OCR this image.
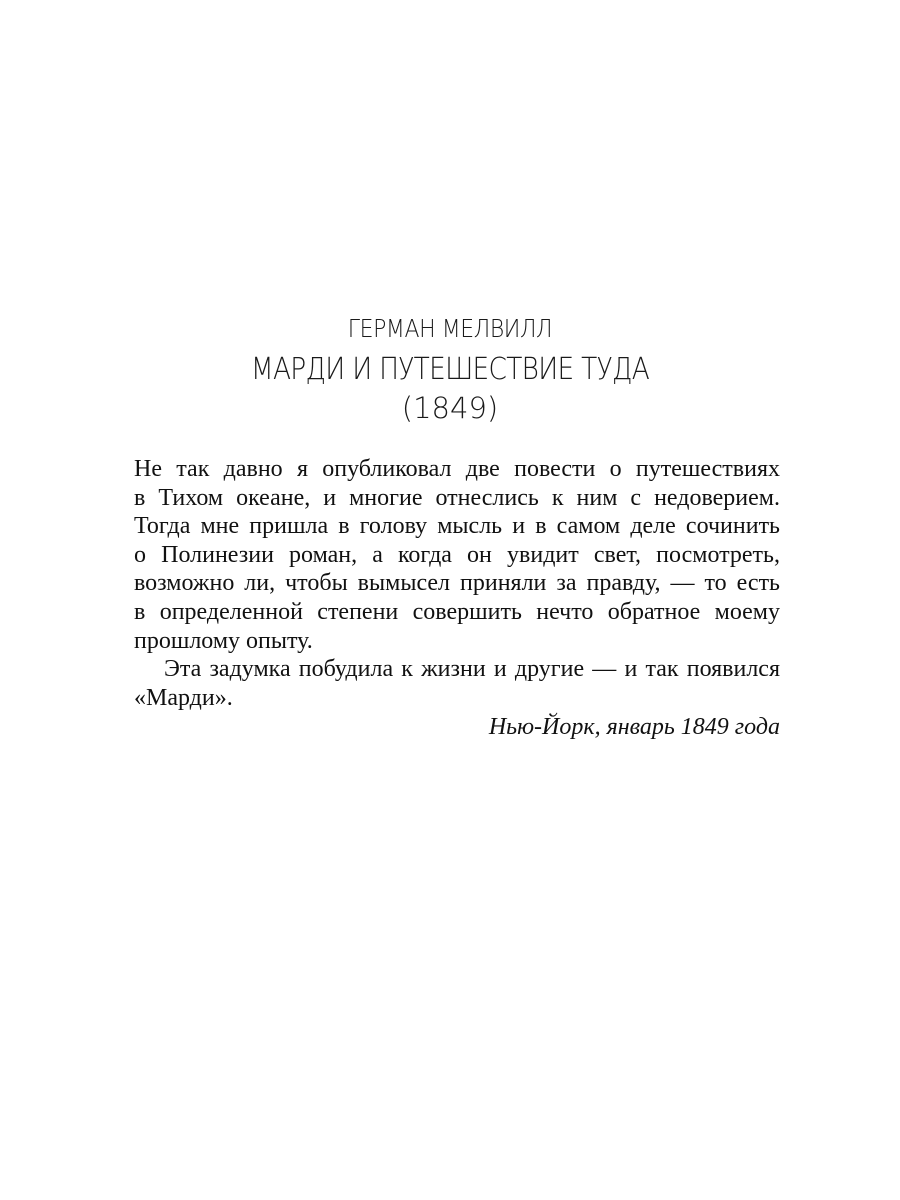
ГЕРМАН МЕЛВИЛЛ
МАРДИ И ПУТЕШЕСТВИЕ ТУДА
(1849)
Не так давно я опубликовал две повести о путешествиях
в Тихом океане, и многие отнеслись к ним с недоверием.
Тогда мне пришла в голову мысль и в самом деле сочинить
о Полинезии роман, а когда он увидит свет, посмотреть,
возможно ли, чтобы вымысел приняли за правду, — то есть
в определенной степени совершить нечто обратное моему
прошлому опыту.
Эта задумка побудила к жизни и другие — и так появился
«Марди».
Нью-Йорк, январь 1849 года
